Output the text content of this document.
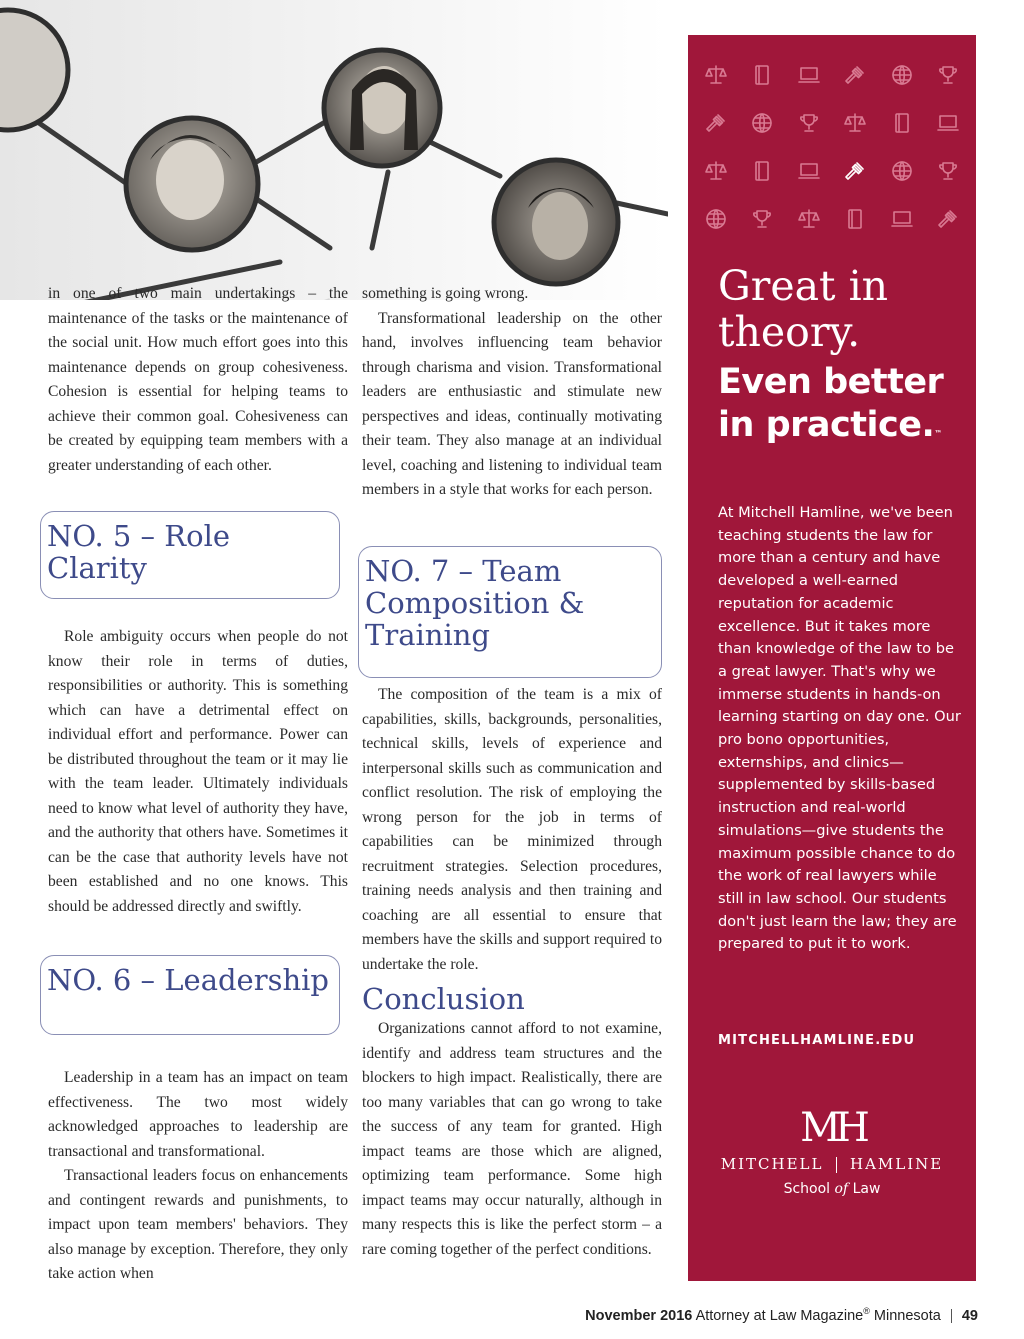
in one of two main undertakings – the maintenance of the tasks or the maintenance of the social unit. How much effort goes into this maintenance depends on group cohesiveness. Cohesion is essential for helping teams to achieve their common goal. Cohesiveness can be created by equipping team members with a greater understanding of each other.

NO. 5 – Role Clarity

Role ambiguity occurs when people do not know their role in terms of duties, responsibilities or authority. This is something which can have a detrimental effect on individual effort and performance. Power can be distributed throughout the team or it may lie with the team leader. Ultimately individuals need to know what level of authority they have, and the authority that others have. Sometimes it can be the case that authority levels have not been established and no one knows. This should be addressed directly and swiftly.

NO. 6 – Leadership

Leadership in a team has an impact on team effectiveness. The two most widely acknowledged approaches to leadership are transactional and transformational.

Transactional leaders focus on enhancements and contingent rewards and punishments, to impact upon team members' behaviors. They also manage by exception. Therefore, they only take action when

something is going wrong.

Transformational leadership on the other hand, involves influencing team behavior through charisma and vision. Transformational leaders are enthusiastic and stimulate new perspectives and ideas, continually motivating their team. They also manage at an individual level, coaching and listening to individual team members in a style that works for each person.

NO. 7 – Team Composition & Training

The composition of the team is a mix of capabilities, skills, backgrounds, personalities, technical skills, levels of experience and interpersonal skills such as communication and conflict resolution. The risk of employing the wrong person for the job in terms of capabilities can be minimized through recruitment strategies. Selection procedures, training needs analysis and then training and coaching are all essential to ensure that members have the skills and support required to undertake the role.

Conclusion

Organizations cannot afford to not examine, identify and address team structures and the blockers to high impact. Realistically, there are too many variables that can go wrong to take the success of any team for granted. High impact teams are those which are aligned, optimizing team performance. Some high impact teams may occur naturally, although in many respects this is like the perfect storm – a rare coming together of the perfect conditions.

Great in
theory.
Even better
in practice.™
At Mitchell Hamline, we've been teaching students the law for more than a century and have developed a well-earned reputation for academic excellence. But it takes more than knowledge of the law to be a great lawyer. That's why we immerse students in hands-on learning starting on day one. Our pro bono opportunities, externships, and clinics—supplemented by skills-based instruction and real-world simulations—give students the maximum possible chance to do the work of real lawyers while still in law school. Our students don't just learn the law; they are prepared to put it to work.
MITCHELLHAMLINE.EDU
MH
MITCHELL HAMLINE
School of Law
November 2016 Attorney at Law Magazine® Minnesota 49
